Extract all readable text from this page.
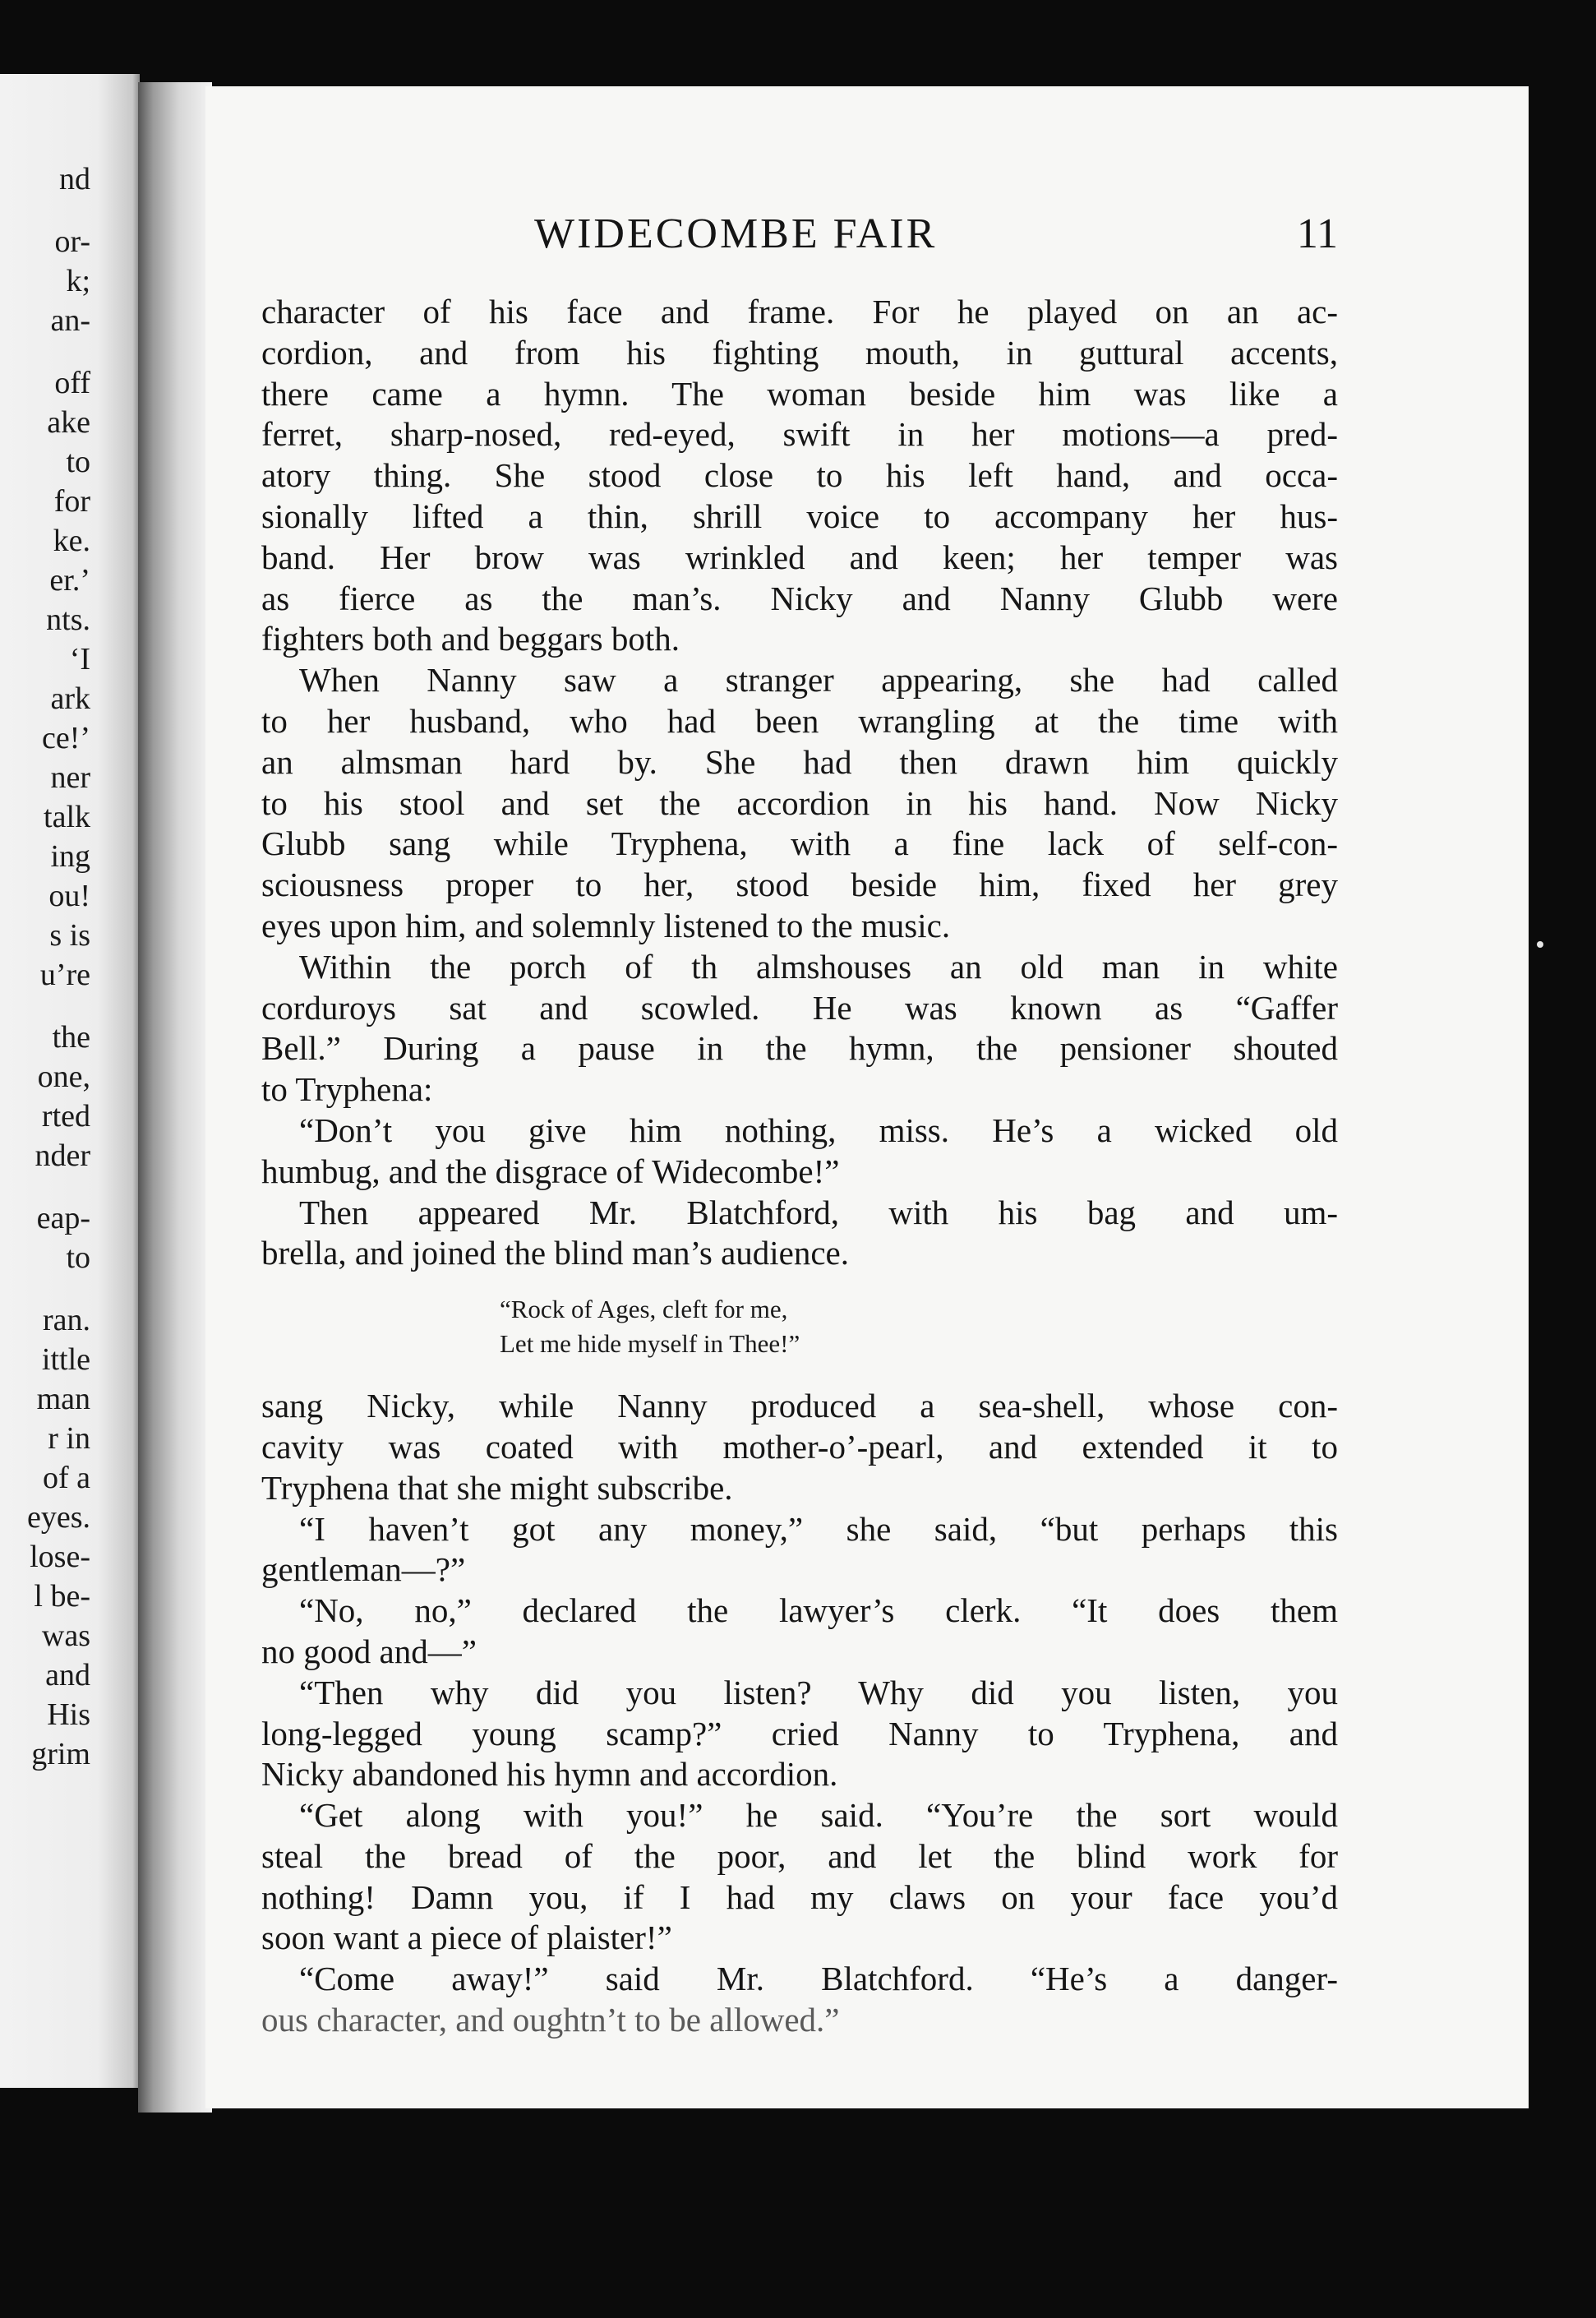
nd
or-
k;
an-
off
ake
to
for
ke.
er.’
nts.
‘I
ark
ce!’
ner
talk
ing
ou!
s is
u’re
the
one,
rted
nder
eap-
to
ran.
ittle
man
r in
of a
eyes.
lose-
l be-
was
and
His
grim
WIDECOMBE FAIR	11
character of his face and frame. For he played on an ac-
cordion, and from his fighting mouth, in guttural accents,
there came a hymn. The woman beside him was like a
ferret, sharp-nosed, red-eyed, swift in her motions—a pred-
atory thing. She stood close to his left hand, and occa-
sionally lifted a thin, shrill voice to accompany her hus-
band. Her brow was wrinkled and keen; her temper was
as fierce as the man’s. Nicky and Nanny Glubb were
fighters both and beggars both.
When Nanny saw a stranger appearing, she had called
to her husband, who had been wrangling at the time with
an almsman hard by. She had then drawn him quickly
to his stool and set the accordion in his hand. Now Nicky
Glubb sang while Tryphena, with a fine lack of self-con-
sciousness proper to her, stood beside him, fixed her grey
eyes upon him, and solemnly listened to the music.
Within the porch of th almshouses an old man in white
corduroys sat and scowled. He was known as “Gaffer
Bell.” During a pause in the hymn, the pensioner shouted
to Tryphena:
“Don’t you give him nothing, miss. He’s a wicked old
humbug, and the disgrace of Widecombe!”
Then appeared Mr. Blatchford, with his bag and um-
brella, and joined the blind man’s audience.
“Rock of Ages, cleft for me,
Let me hide myself in Thee!”
sang Nicky, while Nanny produced a sea-shell, whose con-
cavity was coated with mother-o’-pearl, and extended it to
Tryphena that she might subscribe.
“I haven’t got any money,” she said, “but perhaps this
gentleman—?”
“No, no,” declared the lawyer’s clerk. “It does them
no good and—”
“Then why did you listen? Why did you listen, you
long-legged young scamp?” cried Nanny to Tryphena, and
Nicky abandoned his hymn and accordion.
“Get along with you!” he said. “You’re the sort would
steal the bread of the poor, and let the blind work for
nothing! Damn you, if I had my claws on your face you’d
soon want a piece of plaister!”
“Come away!” said Mr. Blatchford. “He’s a danger-
ous character, and oughtn’t to be allowed.”
